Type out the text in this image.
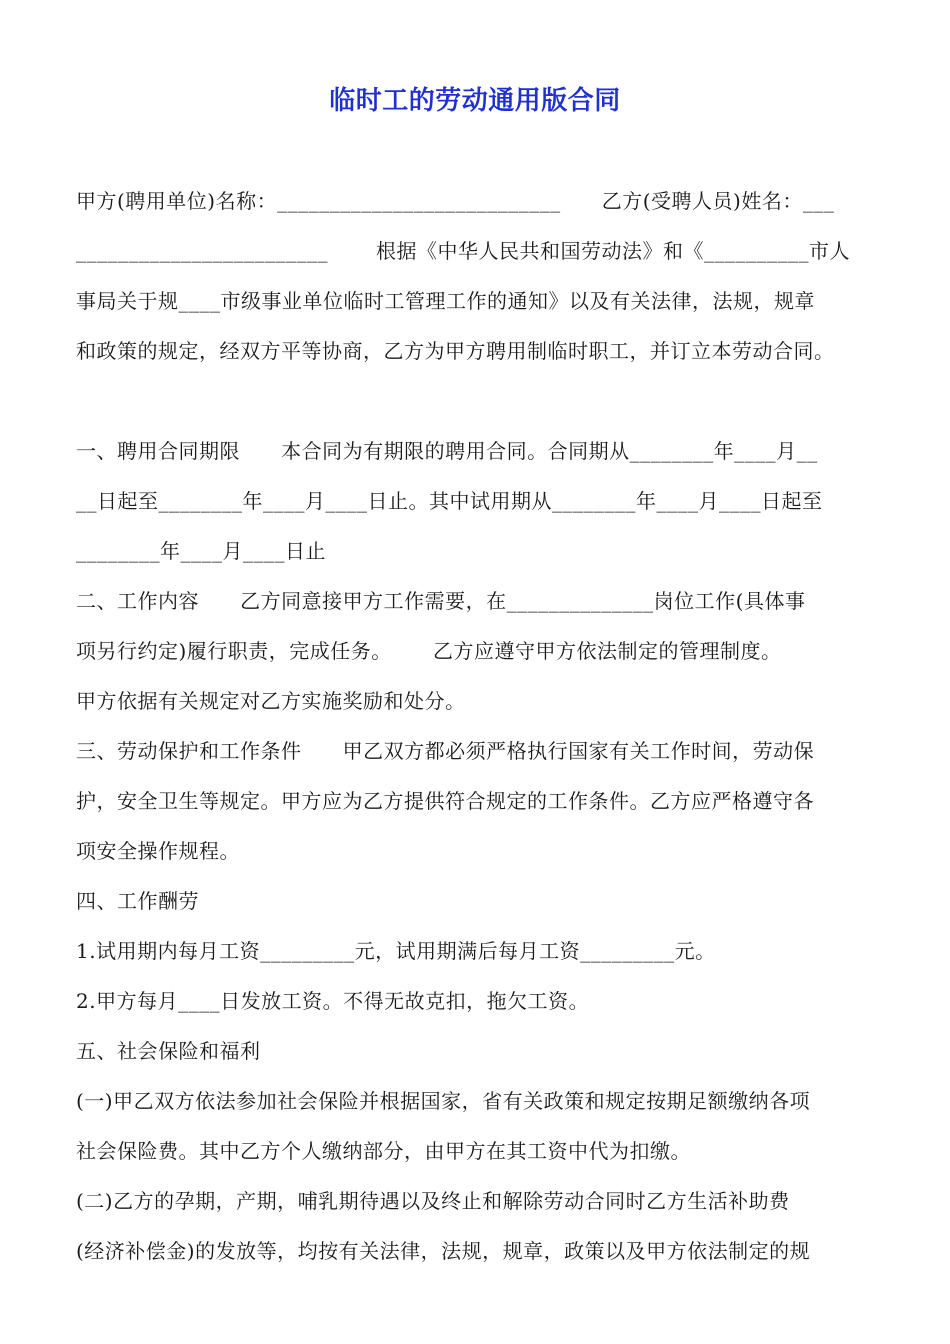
临时工的劳动通用版合同
甲方(聘用单位)名称：___________________________      乙方(受聘人员)姓名：___
________________________       根据《中华人民共和国劳动法》和《__________市人
事局关于规____市级事业单位临时工管理工作的通知》以及有关法律，法规，规章
和政策的规定，经双方平等协商，乙方为甲方聘用制临时职工，并订立本劳动合同。
一、聘用合同期限      本合同为有期限的聘用合同。合同期从________年____月__
__日起至________年____月____日止。其中试用期从________年____月____日起至
________年____月____日止
二、工作内容      乙方同意接甲方工作需要，在______________岗位工作(具体事
项另行约定)履行职责，完成任务。      乙方应遵守甲方依法制定的管理制度。
甲方依据有关规定对乙方实施奖励和处分。
三、劳动保护和工作条件      甲乙双方都必须严格执行国家有关工作时间，劳动保
护，安全卫生等规定。甲方应为乙方提供符合规定的工作条件。乙方应严格遵守各
项安全操作规程。
四、工作酬劳
1.试用期内每月工资_________元，试用期满后每月工资_________元。
2.甲方每月____日发放工资。不得无故克扣，拖欠工资。
五、社会保险和福利
(一)甲乙双方依法参加社会保险并根据国家，省有关政策和规定按期足额缴纳各项
社会保险费。其中乙方个人缴纳部分，由甲方在其工资中代为扣缴。
(二)乙方的孕期，产期，哺乳期待遇以及终止和解除劳动合同时乙方生活补助费
(经济补偿金)的发放等，均按有关法律，法规，规章，政策以及甲方依法制定的规
